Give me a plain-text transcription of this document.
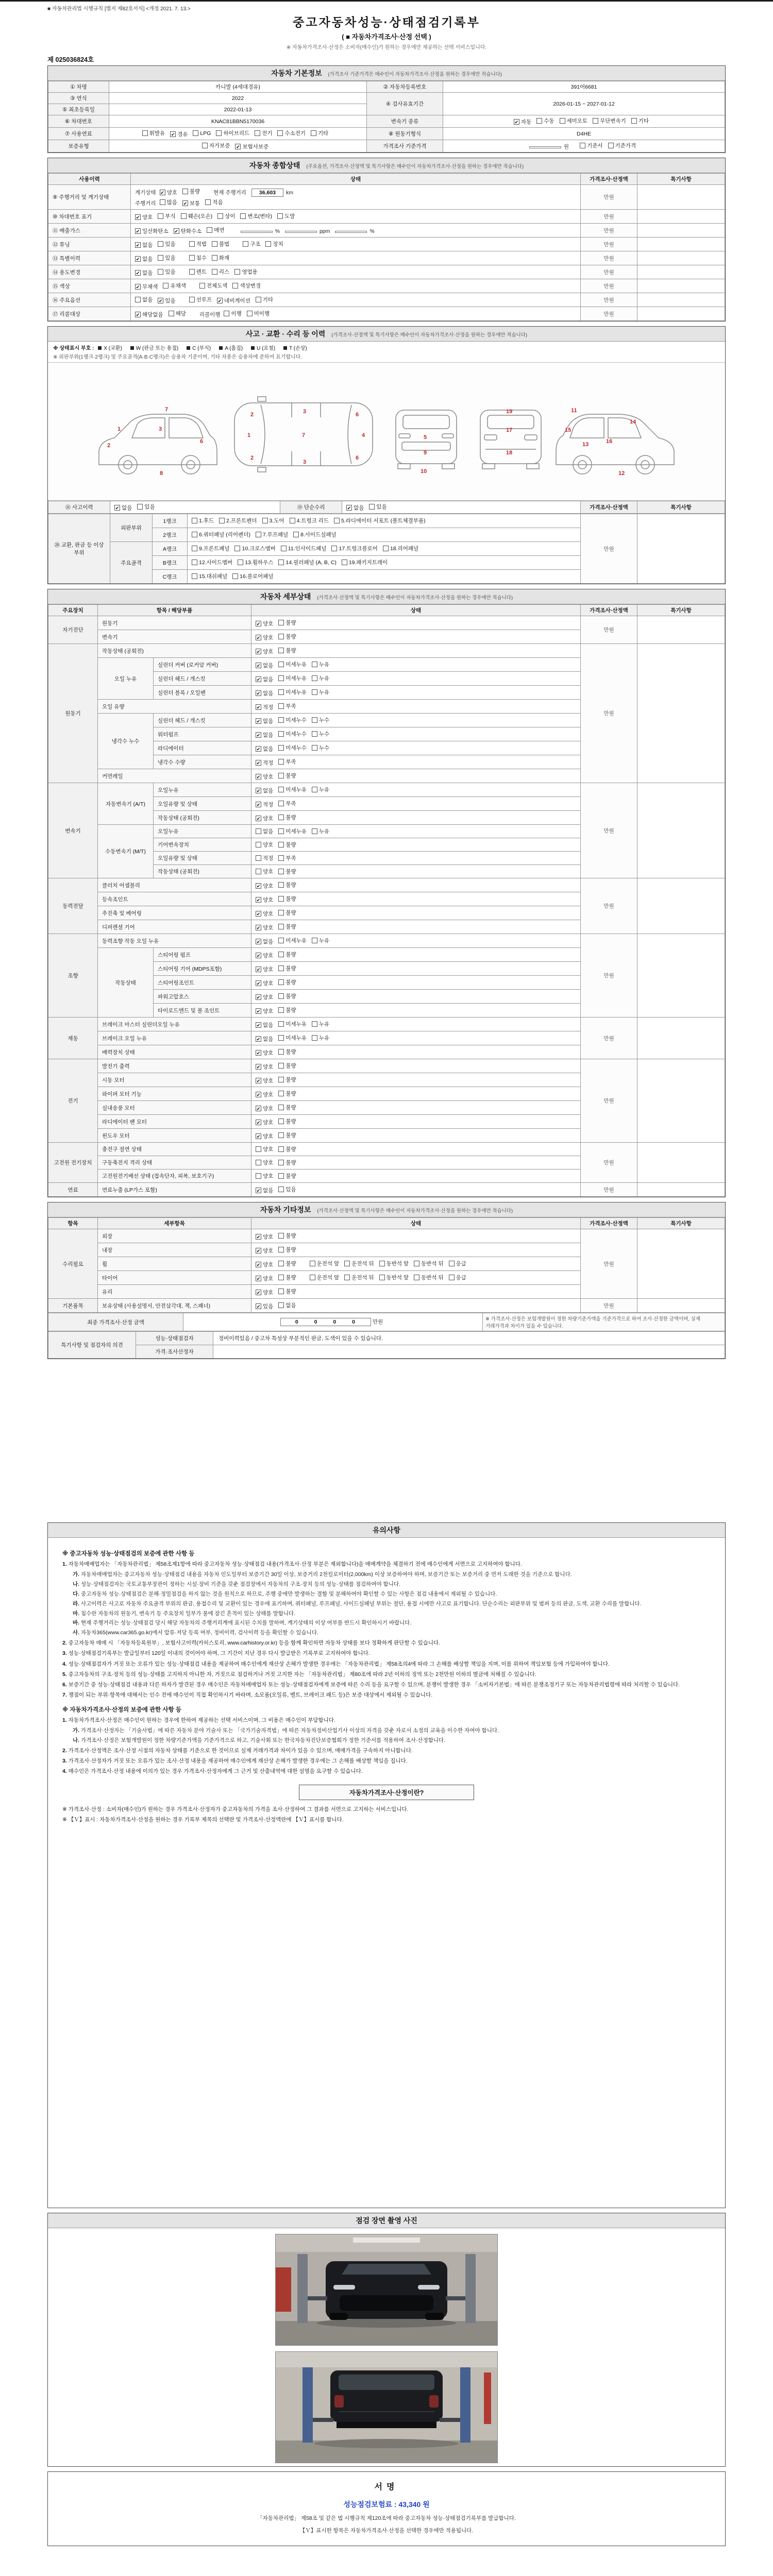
■ 자동차관리법 시행규칙 [별지 제82호서식] <개정 2021. 7. 13.>
중고자동차성능·상태점검기록부
( ■ 자동차가격조사·산정 선택 )
※ 자동차가격조사·산정은 소비자(매수인)가 원하는 경우에만 제공하는 선택 서비스입니다.
제 025036824호
자동차 기본정보 (가격조사 기준가격은 매수인이 자동차가격조사·산정을 원하는 경우에만 적습니다)
① 차명	카니발 (4세대경유)	② 자동차등록번호	391어6681
③ 연식	2022	④ 검사유효기간	2026-01-15 ~ 2027-01-12
⑤ 최초등록일	2022-01-13		
⑥ 차대번호	KNAC81BBN5170036	변속기 종류	✔ 자동 수동 세미오토 무단변속기 기타

⑦ 사용연료	휘발유 ✔ 경유 LPG 하이브리드 전기 수소전기 기타	⑧ 원동기형식	D4HE
보증유형	자가보증 ✔ 보험사보증	가격조사 기준가격	원 기준서 기준가격
자동차 종합상태 (주요옵션, 가격조사·산정액 및 특기사항은 매수인이 자동차가격조사·산정을 원하는 경우에만 적습니다)
사용이력	상태	가격조사·산정액	특기사항
⑨ 주행거리 및 계기상태	
계기상태 ✔ 양호 불량 현재 주행거리 36,603 km
주행거리 많음 ✔ 보통 적음
	만원	
⑩ 차대번호 표기	✔ 양호 부식 훼손(오손) 상이 변조(변타) 도말	만원	
⑪ 배출가스	✔ 일산화탄소 ✔ 탄화수소 매연	%	ppm	%	만원	
⑫ 튜닝	✔ 없음 있음	적법 불법	구조 장치	만원	
⑬ 특별이력	✔ 없음 있음 침수 화재	만원	
⑭ 용도변경	✔ 없음 있음	렌트 리스 영업용	만원	
⑮ 색상	✔ 무채색 유채색 전체도색 색상변경	만원	
⑯ 주요옵션	없음 ✔ 있음	선루프 ✔ 네비게이션 기타	만원	
⑰ 리콜대상	✔ 해당없음 해당 리콜이행 이행 미이행	만원	
사고 · 교환 · 수리 등 이력 (가격조사·산정액 및 특기사항은 매수인이 자동차가격조사·산정을 원하는 경우에만 적습니다)
※ 상태표시 부호 : X (교환)	W (판금 또는 용접)	C (부식)	A (흠집)	U (요철)	T (손상)
※ 외판부위(1랭크·2랭크) 및 주요골격(A·B·C랭크)은 승용차 기준이며, 기타 차종은 승용차에 준하여 표기합니다.
1
2
3
6
7
8
1
2
2
3
3
7
6
6
4	5
9
10
19
17
18
11
15
13	16
14
12
⑱ 사고이력	✔ 없음 있음	⑲ 단순수리	✔ 없음 있음	가격조사·산정액	특기사항
⑳ 교환, 판금 등 이상 부위	외판부위	1랭크	1.후드 2.프론트펜더 3.도어 4.트렁크 리드 5.라디에이터 서포트 (볼트체결부품)	만원	
		2랭크	6.쿼터패널 (리어펜더) 7.루프패널 8.사이드실패널		

	주요골격	A랭크	9.프론트패널 10.크로스멤버 11.인사이드패널 17.트렁크플로어 18.리어패널		

		B랭크	12.사이드멤버 13.휠하우스 14.필러패널 (A, B, C) 19.패키지트레이		

		C랭크	15.대쉬패널 16.플로어패널		
자동차 세부상태 (가격조사·산정액 및 특기사항은 매수인이 자동차가격조사·산정을 원하는 경우에만 적습니다)
주요장치	항목 / 해당부품		상태	가격조사·산정액	특기사항
자기진단	원동기		✔ 양호 불량	만원	
	변속기		✔ 양호 불량		

원동기	작동상태 (공회전)		✔ 양호 불량	만원	
	오일 누유	실린더 커버 (로커암 커버)	✔ 없음 미세누유 누유		

		실린더 헤드 / 개스킷	✔ 없음 미세누유 누유		

		실린더 블록 / 오일팬	✔ 없음 미세누유 누유		

	오일 유량		✔ 적정 부족		

	냉각수 누수	실린더 헤드 / 개스킷	✔ 없음 미세누수 누수		

		워터펌프	✔ 없음 미세누수 누수		

		라디에이터	✔ 없음 미세누수 누수		

		냉각수 수량	✔ 적정 부족		

	커먼레일		✔ 양호 불량		

변속기	자동변속기 (A/T)	오일누유	✔ 없음 미세누유 누유	만원	
		오일유량 및 상태	✔ 적정 부족		

		작동상태 (공회전)	✔ 양호 불량		

	수동변속기 (M/T)	오일누유	없음 미세누유 누유		

		기어변속장치	양호 불량		

		오일유량 및 상태	적정 부족		

		작동상태 (공회전)	양호 불량		

동력전달	클러치 어셈블리		✔ 양호 불량	만원	
	등속조인트		✔ 양호 불량		

	추진축 및 베어링		✔ 양호 불량		

	디퍼렌셜 기어		✔ 양호 불량		

조향	동력조향 작동 오일 누유		✔ 없음 미세누유 누유	만원	
	작동상태	스티어링 펌프	✔ 양호 불량		

		스티어링 기어 (MDPS포함)	✔ 양호 불량		

		스티어링조인트	✔ 양호 불량		

		파워고압호스	✔ 양호 불량		

		타이로드엔드 및 볼 조인트	✔ 양호 불량		

제동	브레이크 마스터 실린더오일 누유		✔ 없음 미세누유 누유	만원	
	브레이크 오일 누유		✔ 없음 미세누유 누유		

	배력장치 상태		✔ 양호 불량		

전기	발전기 출력		✔ 양호 불량	만원	
	시동 모터		✔ 양호 불량		

	와이퍼 모터 기능		✔ 양호 불량		

	실내송풍 모터		✔ 양호 불량		

	라디에이터 팬 모터		✔ 양호 불량		

	윈도우 모터		✔ 양호 불량		

고전원 전기장치	충전구 절연 상태		양호 불량	만원	
	구동축전지 격리 상태		양호 불량		

	고전원전기배선 상태 (접속단자, 피복, 보호기구)		양호 불량		

연료	연료누출 (LP가스 포함)		✔ 없음 있음	만원	
자동차 기타정보 (가격조사·산정액 및 특기사항은 매수인이 자동차가격조사·산정을 원하는 경우에만 적습니다)
항목	세부항목	상태	가격조사·산정액	특기사항
수리필요	외장	✔ 양호 불량	만원	
	내장	✔ 양호 불량		

휠	✔ 양호 불량	운전석 앞 운전석 뒤 동반석 앞 동반석 뒤 응급

타이어	✔ 양호 불량	운전석 앞 운전석 뒤 동반석 앞 동반석 뒤 응급

	유리	✔ 양호 불량		

기본품목	보유상태 (사용설명서, 안전삼각대, 잭, 스패너)	✔ 있음 없음	만원	
최종 가격조사·산정 금액	0 0 0 0 만원	※ 가격조사·산정은 보험개발원이 정한 차량기준가액을 기준가격으로 하여 조사·산정한 금액이며, 실제 거래가격과 차이가 있을 수 있습니다.
특기사항 및 점검자의 의견	성능·상태점검자	정비이력있음 / 중고차 특성상 부분적인 판금, 도색이 있을 수 있습니다.
	가격·조사산정자	
유의사항
※ 중고자동차 성능·상태점검의 보증에 관한 사항 등
1. 자동차매매업자는 「자동차관리법」 제58조제1항에 따라 중고자동차 성능·상태점검 내용(가격조사·산정 부분은 제외합니다)을 매매계약을 체결하기 전에 매수인에게 서면으로 고지하여야 합니다.
가. 자동차매매업자는 중고자동차 성능·상태점검 내용을 자동차 인도일부터 보증기간 30일 이상, 보증거리 2천킬로미터(2,000km) 이상 보증하여야 하며, 보증기간 또는 보증거리 중 먼저 도래한 것을 기준으로 합니다.
나. 성능·상태점검자는 국토교통부장관이 정하는 시설·장비 기준을 갖춘 점검장에서 자동차의 구조·장치 등의 성능·상태를 점검하여야 합니다.
다. 중고자동차 성능·상태점검은 분해·정밀점검을 하지 않는 것을 원칙으로 하므로, 주행 중에만 발생하는 결함 및 분해하여야 확인할 수 있는 사항은 점검 내용에서 제외될 수 있습니다.
라. 사고이력은 사고로 자동차 주요골격 부위의 판금, 용접수리 및 교환이 있는 경우에 표기하며, 쿼터패널, 루프패널, 사이드실패널 부위는 절단, 용접 시에만 사고로 표기합니다. 단순수리는 외판부위 및 범퍼 등의 판금, 도색, 교환 수리를 말합니다.
마. 침수란 자동차의 원동기, 변속기 등 주요장치 일부가 물에 잠긴 흔적이 있는 상태를 말합니다.
바. 현재 주행거리는 성능·상태점검 당시 해당 자동차의 주행거리계에 표시된 수치를 말하며, 계기상태의 이상 여부를 반드시 확인하시기 바랍니다.
사. 자동차365(www.car365.go.kr)에서 압류·저당 등록 여부, 정비이력, 검사이력 등을 확인할 수 있습니다.
2. 중고자동차 매매 시 「자동차등록원부」, 보험사고이력(카히스토리, www.carhistory.or.kr) 등을 함께 확인하면 자동차 상태를 보다 정확하게 판단할 수 있습니다.
3. 성능·상태점검기록부는 발급일부터 120일 이내의 것이어야 하며, 그 기간이 지난 경우 다시 발급받은 기록부로 고지하여야 합니다.
4. 성능·상태점검자가 거짓 또는 오류가 있는 성능·상태점검 내용을 제공하여 매수인에게 재산상 손해가 발생한 경우에는 「자동차관리법」 제58조의4에 따라 그 손해를 배상할 책임을 지며, 이를 위하여 책임보험 등에 가입하여야 합니다.
5. 중고자동차의 구조·장치 등의 성능·상태를 고지하지 아니한 자, 거짓으로 점검하거나 거짓 고지한 자는 「자동차관리법」 제80조에 따라 2년 이하의 징역 또는 2천만원 이하의 벌금에 처해질 수 있습니다.
6. 보증기간 중 성능·상태점검 내용과 다른 하자가 발견된 경우 매수인은 자동차매매업자 또는 성능·상태점검자에게 보증에 따른 수리 등을 요구할 수 있으며, 분쟁이 발생한 경우 「소비자기본법」에 따른 분쟁조정기구 또는 자동차관리법령에 따라 처리할 수 있습니다.
7. 쟁점이 되는 부위·항목에 대해서는 인수 전에 매수인이 직접 확인하시기 바라며, 소모품(오일류, 벨트, 브레이크 패드 등)은 보증 대상에서 제외될 수 있습니다.
※ 자동차가격조사·산정의 보증에 관한 사항 등
1. 자동차가격조사·산정은 매수인이 원하는 경우에 한하여 제공하는 선택 서비스이며, 그 비용은 매수인이 부담합니다.
가. 가격조사·산정자는 「기술사법」에 따른 자동차 분야 기술사 또는 「국가기술자격법」에 따른 자동차정비산업기사 이상의 자격을 갖춘 자로서 소정의 교육을 이수한 자여야 합니다.
나. 가격조사·산정은 보험개발원이 정한 차량기준가액을 기준가격으로 하고, 기술사회 또는 한국자동차진단보증협회가 정한 기준서를 적용하여 조사·산정합니다.
2. 가격조사·산정액은 조사·산정 시점의 자동차 상태를 기준으로 한 것이므로 실제 거래가격과 차이가 있을 수 있으며, 매매가격을 구속하지 아니합니다.
3. 가격조사·산정자가 거짓 또는 오류가 있는 조사·산정 내용을 제공하여 매수인에게 재산상 손해가 발생한 경우에는 그 손해를 배상할 책임을 집니다.
4. 매수인은 가격조사·산정 내용에 이의가 있는 경우 가격조사·산정자에게 그 근거 및 산출내역에 대한 설명을 요구할 수 있습니다.
자동차가격조사·산정이란?
※ 가격조사·산정 : 소비자(매수인)가 원하는 경우 가격조사·산정자가 중고자동차의 가격을 조사·산정하여 그 결과를 서면으로 고지하는 서비스입니다.
※ 【Ｖ】표시 : 자동차가격조사·산정을 원하는 경우 기록부 제목의 선택란 및 가격조사·산정액란에 【Ｖ】표시를 합니다.
점검 장면 촬영 사진
서명
성능점검보험료 : 43,340 원
「자동차관리법」 제58조 및 같은 법 시행규칙 제120조에 따라 중고자동차 성능·상태점검기록부를 발급합니다.
【Ｖ】표시한 항목은 자동차가격조사·산정을 선택한 경우에만 적용됩니다.
